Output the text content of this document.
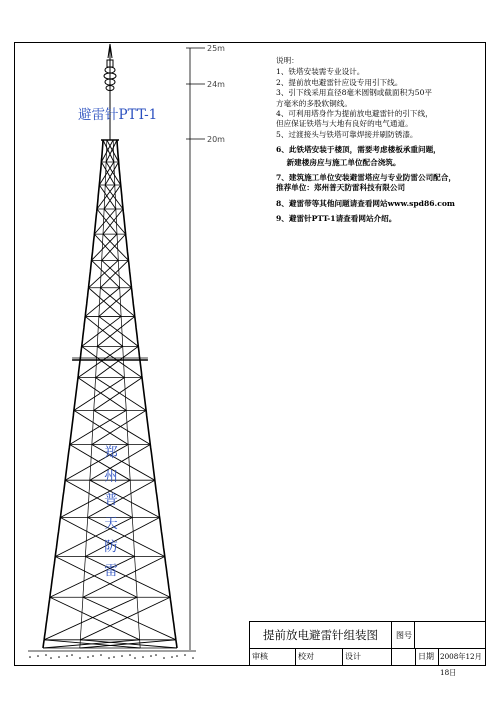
25m
24m
20m
避雷针PTT-1
郑
州
普
天
防
雷
说明：
1、铁塔安装需专业设计。
2、提前放电避雷针应设专用引下线。
3、引下线采用直径8毫米圆钢或截面积为50平
方毫米的多股软铜线。
4、可利用塔身作为提前放电避雷针的引下线，
但应保证铁塔与大地有良好的电气通道。
5、过渡接头与铁塔可靠焊接并刷防锈漆。
6、此铁塔安装于楼顶，需要考虑楼板承重问题，
新建楼房应与施工单位配合浇筑。
7、建筑施工单位安装避雷塔应与专业防雷公司配合，
推荐单位：郑州普天防雷科技有限公司
8、避雷带等其他问题请查看网站www.spd86.com
9、避雷针PTT-1请查看网站介绍。
提前放电避雷针组装图	图号
审核	校对	设计	日期 2008年12月18日
